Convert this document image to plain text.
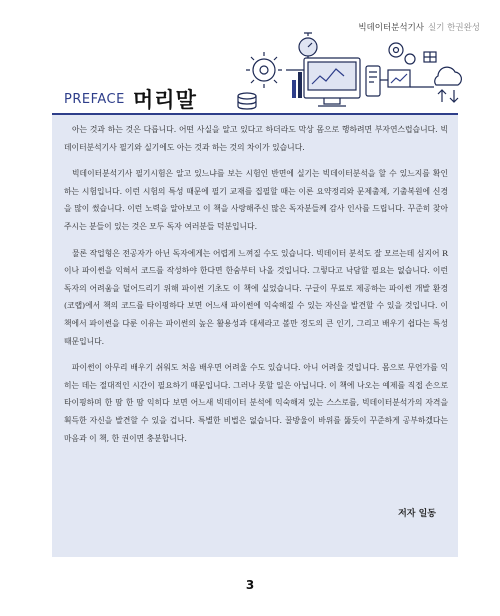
빅데이터분석기사 실기 한권완성
PREFACE 머리말

아는 것과 하는 것은 다릅니다. 어떤 사실을 알고 있다고 하더라도 막상 몸으로 행하려면 부자연스럽습니다. 빅데이터분석기사 필기와 실기에도 아는 것과 하는 것의 차이가 있습니다.

빅데이터분석기사 필기시험은 알고 있느냐를 보는 시험인 반면에 실기는 빅데이터분석을 할 수 있느지를 확인하는 시험입니다. 이런 시험의 특성 때문에 필기 교재를 집필할 때는 이론 요약정리와 문제출제, 기출복원에 신경을 많이 썼습니다. 이런 노력을 알아보고 이 책을 사랑해주신 많은 독자분들께 감사 인사를 드립니다. 꾸준히 찾아주시는 분들이 있는 것은 모두 독자 여러분들 덕분입니다.

물론 작업형은 전공자가 아닌 독자에게는 어렵게 느껴질 수도 있습니다. 빅데이터 분석도 잘 모르는데 심지어 R이나 파이썬을 익혀서 코드를 작성하야 한다면 한숨부터 나올 것입니다. 그렇다고 낙담할 필요는 없습니다. 이런 독자의 어려움을 덜어드리기 위해 파이썬 기초도 이 책에 실었습니다. 구글이 무료로 제공하는 파이썬 개발 환경(코랩)에서 책의 코드를 타이핑하다 보면 어느새 파이썬에 익숙해질 수 있는 자신을 발견할 수 있을 것입니다. 이 책에서 파이썬을 다룬 이유는 파이썬의 높은 활용성과 대세라고 볼만 정도의 큰 인기, 그리고 배우기 쉽다는 특성 때문입니다.

파이썬이 아무리 배우기 쉬워도 처음 배우면 어려울 수도 있습니다. 아니 어려울 것입니다. 몸으로 무언가를 익히는 데는 절대적인 시간이 필요하기 때문입니다. 그러나 못할 일은 아닙니다. 이 책에 나오는 예제를 직접 손으로 타이핑하며 한 땀 한 땀 익히다 보면 어느새 빅데이터 분석에 익숙해져 있는 스스로를, 빅데이터분석가의 자격을 획득한 자신을 발견할 수 있을 겁니다. 특별한 비법은 없습니다. 꿀방울이 바위를 뚫듯이 꾸준하게 공부하겠다는 마음과 이 책, 한 권이면 충분합니다.

저자 일동
3
